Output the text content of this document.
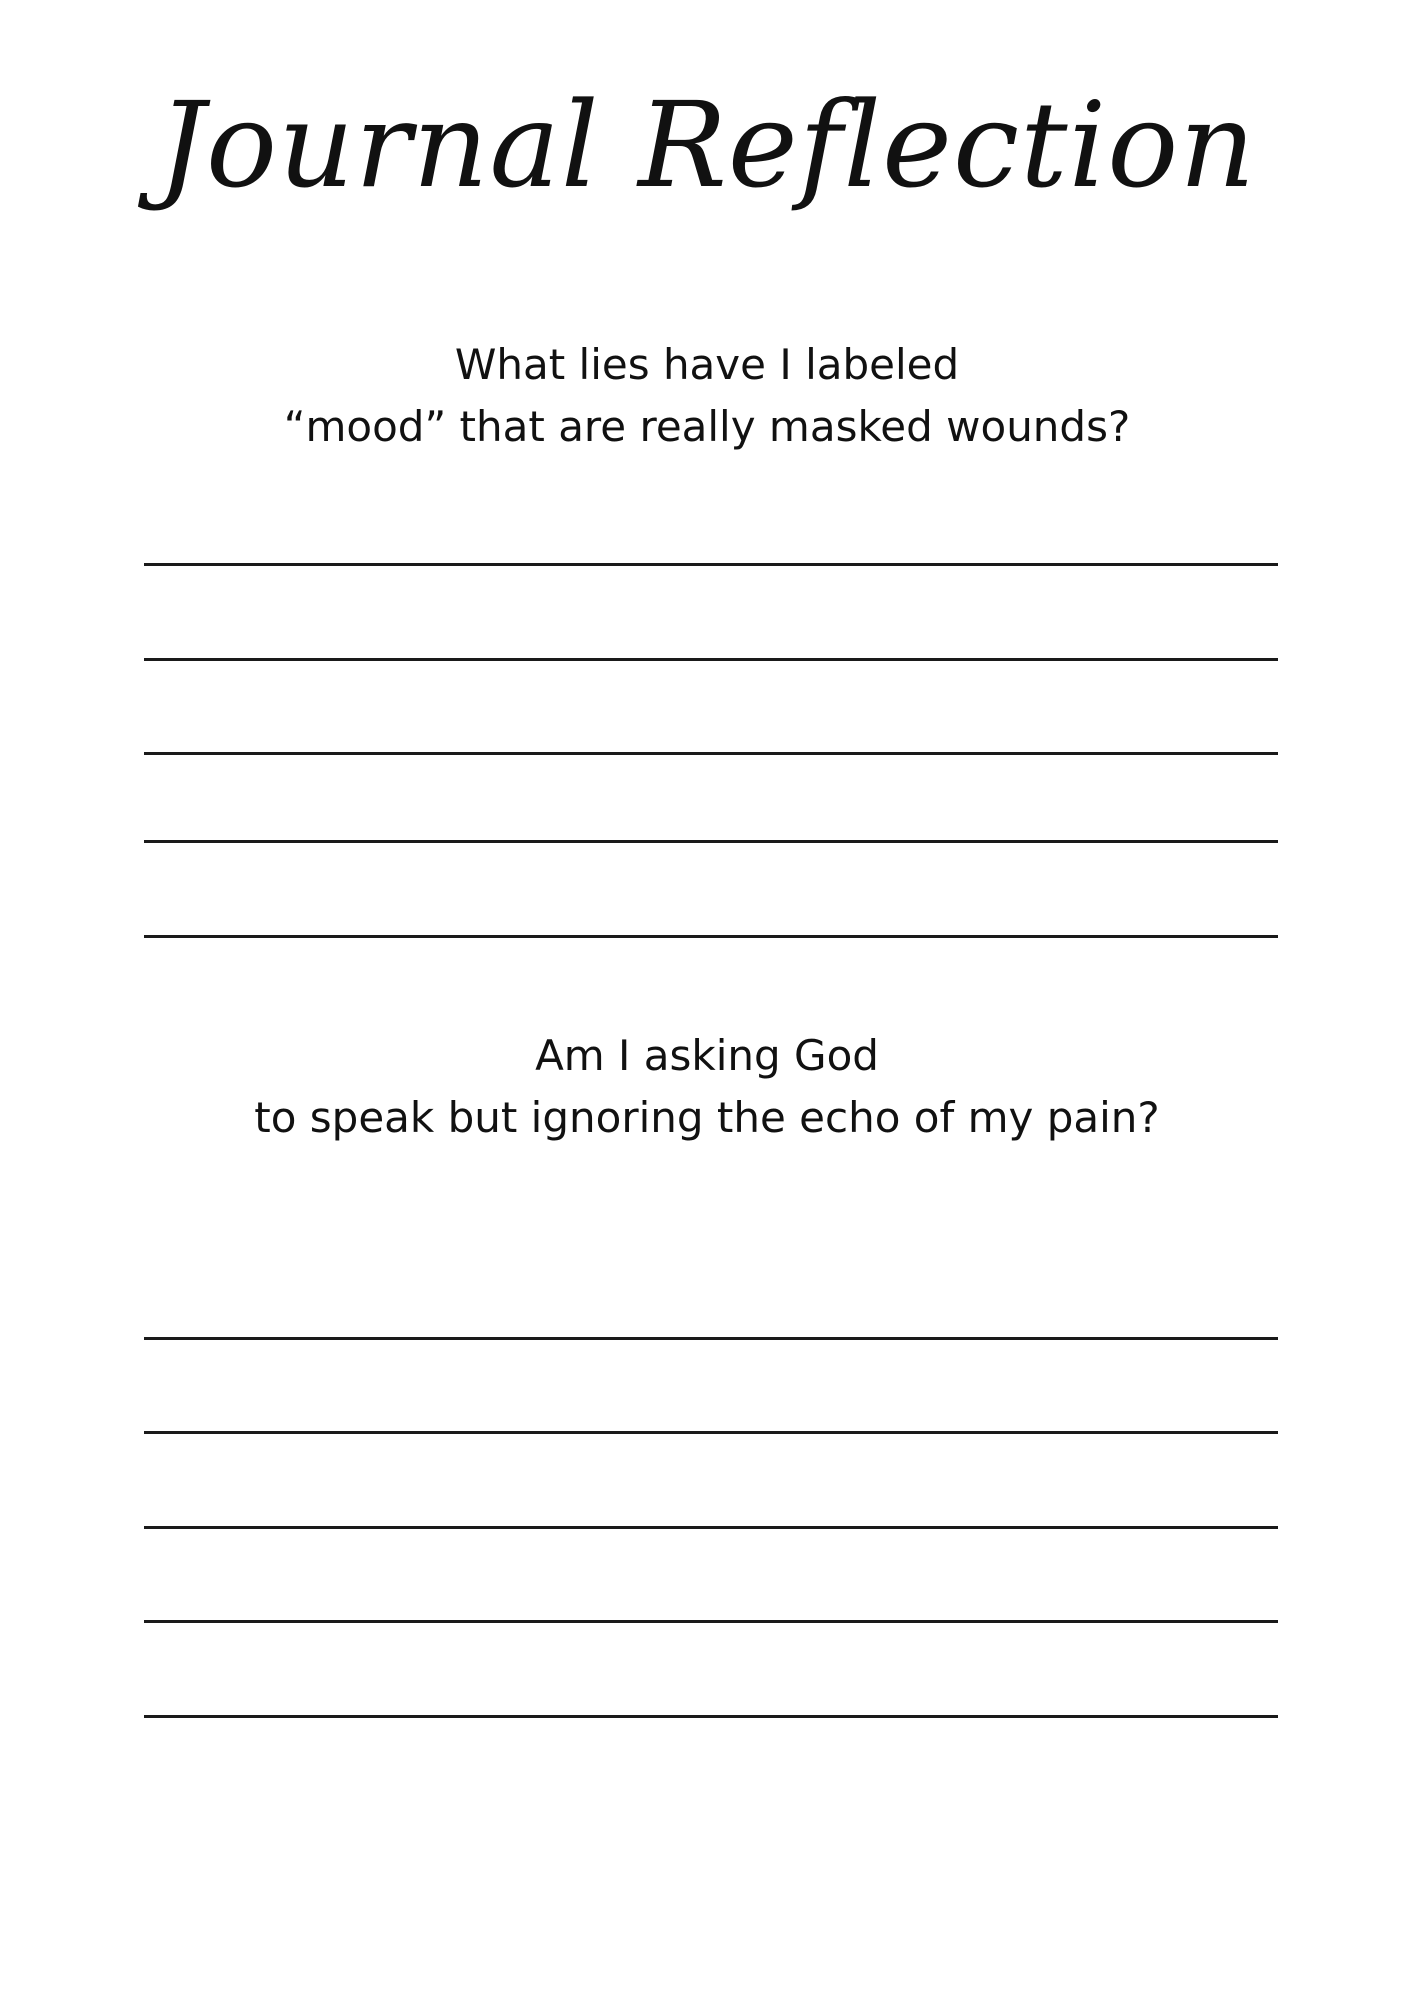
Journal Reflection
What lies have I labeled
“mood” that are really masked wounds?
Am I asking God
to speak but ignoring the echo of my pain?
